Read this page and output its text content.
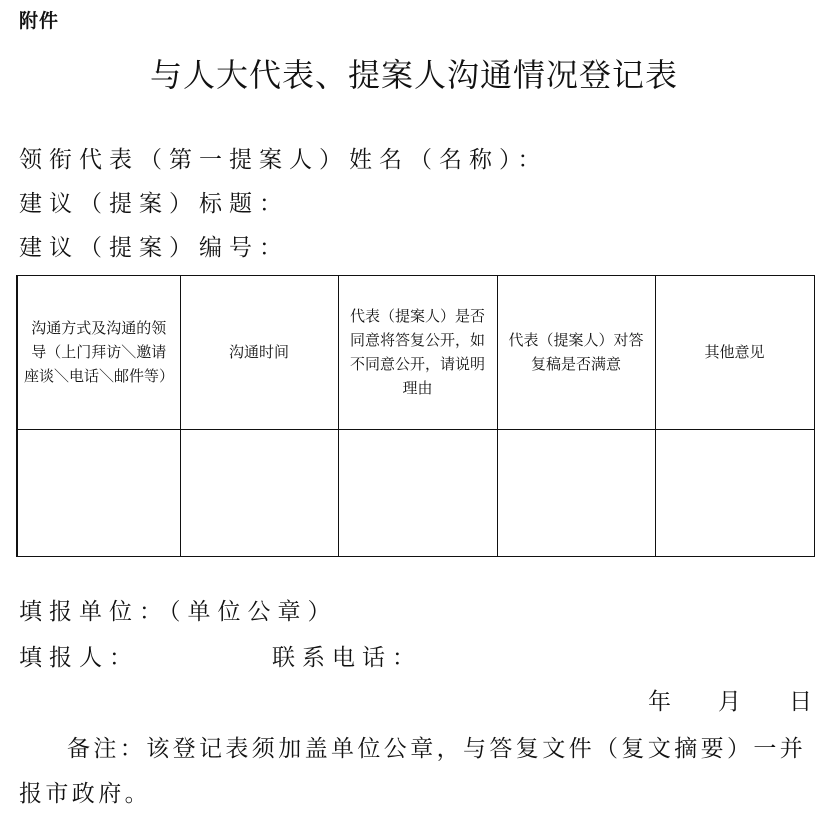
附件
与人大代表、提案人沟通情况登记表
领衔代表（第一提案人）姓名（名称）：
建议（提案）标题：
建议（提案）编号：
沟通方式及沟通的领导（上门拜访＼邀请座谈＼电话＼邮件等）	沟通时间	代表（提案人）是否同意将答复公开，如不同意公开，请说明理由	代表（提案人）对答复稿是否满意	其他意见

填报单位：（单位公章）
填报人：	联系电话：
年 月 日
备注：该登记表须加盖单位公章，与答复文件（复文摘要）一并报市政府。
